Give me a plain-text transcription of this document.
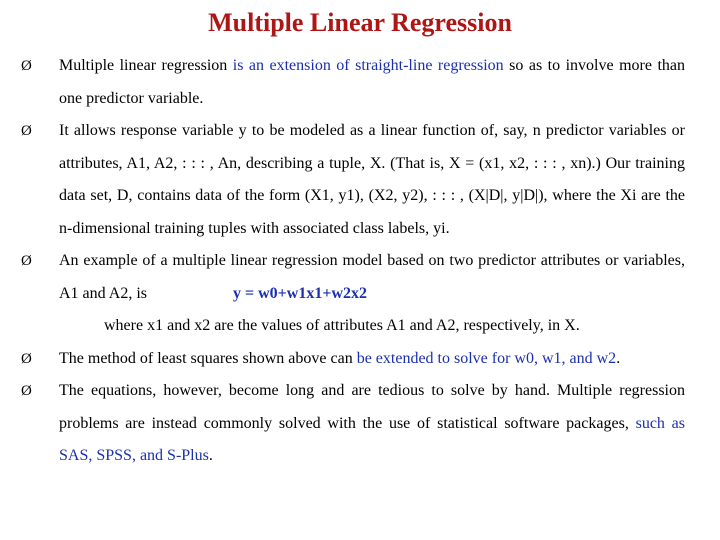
Multiple Linear Regression
Ø Multiple linear regression is an extension of straight-line regression so as to involve more than one predictor variable.
Ø It allows response variable y to be modeled as a linear function of, say, n predictor variables or attributes, A1, A2, : : : , An, describing a tuple, X. (That is, X = (x1, x2, : : : , xn).) Our training data set, D, contains data of the form (X1, y1), (X2, y2), : : : , (X|D|, y|D|), where the Xi are the n-dimensional training tuples with associated class labels, yi.
Ø An example of a multiple linear regression model based on two predictor attributes or variables, A1 and A2, is	y = w0+w1x1+w2x2
where x1 and x2 are the values of attributes A1 and A2, respectively, in X.
Ø The method of least squares shown above can be extended to solve for w0, w1, and w2.
Ø The equations, however, become long and are tedious to solve by hand. Multiple regression problems are instead commonly solved with the use of statistical software packages, such as SAS, SPSS, and S-Plus.
